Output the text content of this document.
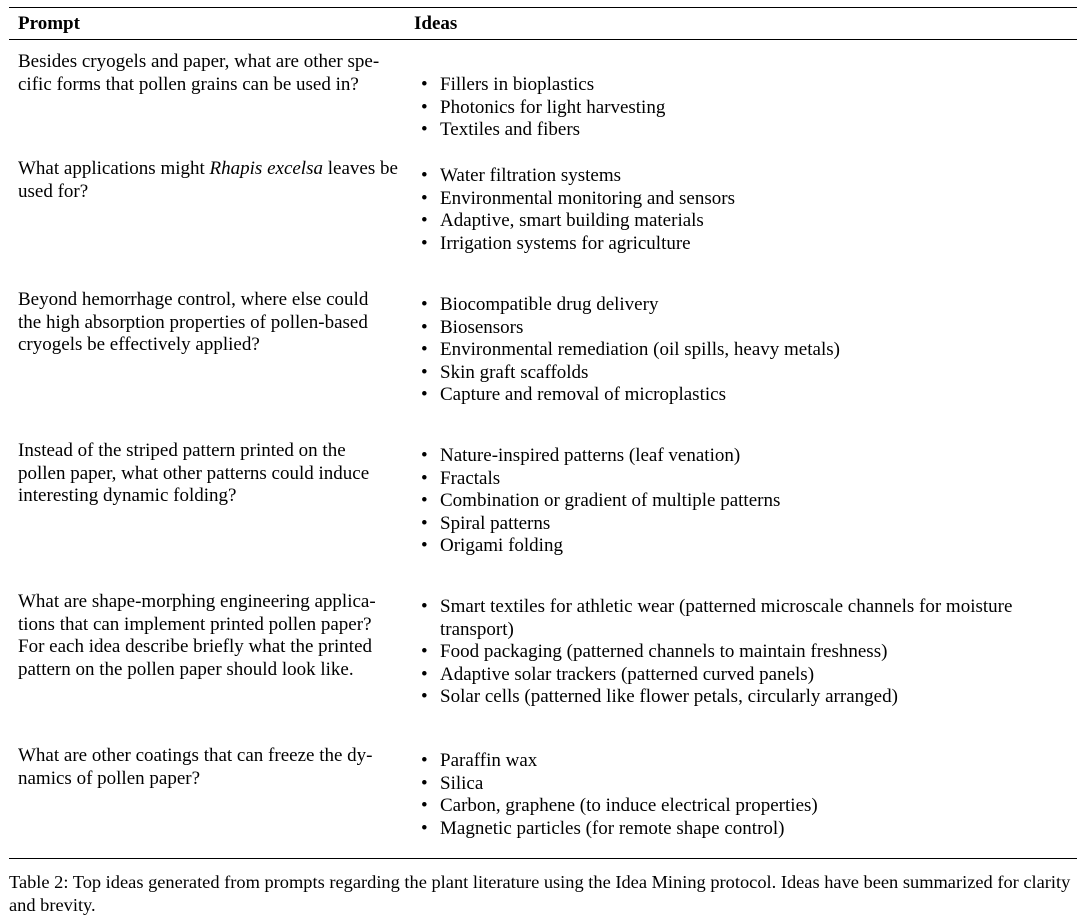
Prompt	Ideas
Besides cryogels and paper, what are other spe-
cific forms that pollen grains can be used in?
•	Fillers in bioplastics
• Photonics for light harvesting
• Textiles and fibers
What applications might Rhapis excelsa leaves be used for?
• Water filtration systems
• Environmental monitoring and sensors
• Adaptive, smart building materials
• Irrigation systems for agriculture
Beyond hemorrhage control, where else could
the high absorption properties of pollen-based
cryogels be effectively applied?
• Biocompatible drug delivery
• Biosensors
• Environmental remediation (oil spills, heavy metals)
• Skin graft scaffolds
• Capture and removal of microplastics
Instead of the striped pattern printed on the
pollen paper, what other patterns could induce
interesting dynamic folding?
• Nature-inspired patterns (leaf venation)
• Fractals
• Combination or gradient of multiple patterns
• Spiral patterns
• Origami folding
What are shape-morphing engineering applica-
tions that can implement printed pollen paper?
For each idea describe briefly what the printed
pattern on the pollen paper should look like.
• Smart textiles for athletic wear (patterned microscale channels for moisture transport)
• Food packaging (patterned channels to maintain freshness)
• Adaptive solar trackers (patterned curved panels)
• Solar cells (patterned like flower petals, circularly arranged)
What are other coatings that can freeze the dy-
namics of pollen paper?
• Paraffin wax
• Silica
• Carbon, graphene (to induce electrical properties)
• Magnetic particles (for remote shape control)
Table 2: Top ideas generated from prompts regarding the plant literature using the Idea Mining protocol. Ideas have been summarized for clarity and brevity.
